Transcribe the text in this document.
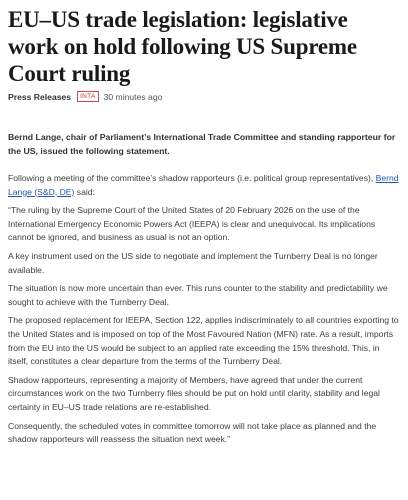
EU–US trade legislation: legislative work on hold following US Supreme Court ruling
Press Releases	INTA 30 minutes ago

Bernd Lange, chair of Parliament’s International Trade Committee and standing rapporteur for the US, issued the following statement.

Following a meeting of the committee’s shadow rapporteurs (i.e. political group representatives), Bernd Lange (S&D, DE) said:

“The ruling by the Supreme Court of the United States of 20 February 2026 on the use of the International Emergency Economic Powers Act (IEEPA) is clear and unequivocal. Its implications cannot be ignored, and business as usual is not an option.

A key instrument used on the US side to negotiate and implement the Turnberry Deal is no longer available.

The situation is now more uncertain than ever. This runs counter to the stability and predictability we sought to achieve with the Turnberry Deal.

The proposed replacement for IEEPA, Section 122, applies indiscriminately to all countries exporting to the United States and is imposed on top of the Most Favoured Nation (MFN) rate. As a result, imports from the EU into the US would be subject to an applied rate exceeding the 15% threshold. This, in itself, constitutes a clear departure from the terms of the Turnberry Deal.

Shadow rapporteurs, representing a majority of Members, have agreed that under the current circumstances work on the two Turnberry files should be put on hold until clarity, stability and legal certainty in EU–US trade relations are re-established.

Consequently, the scheduled votes in committee tomorrow will not take place as planned and the shadow rapporteurs will reassess the situation next week.”
